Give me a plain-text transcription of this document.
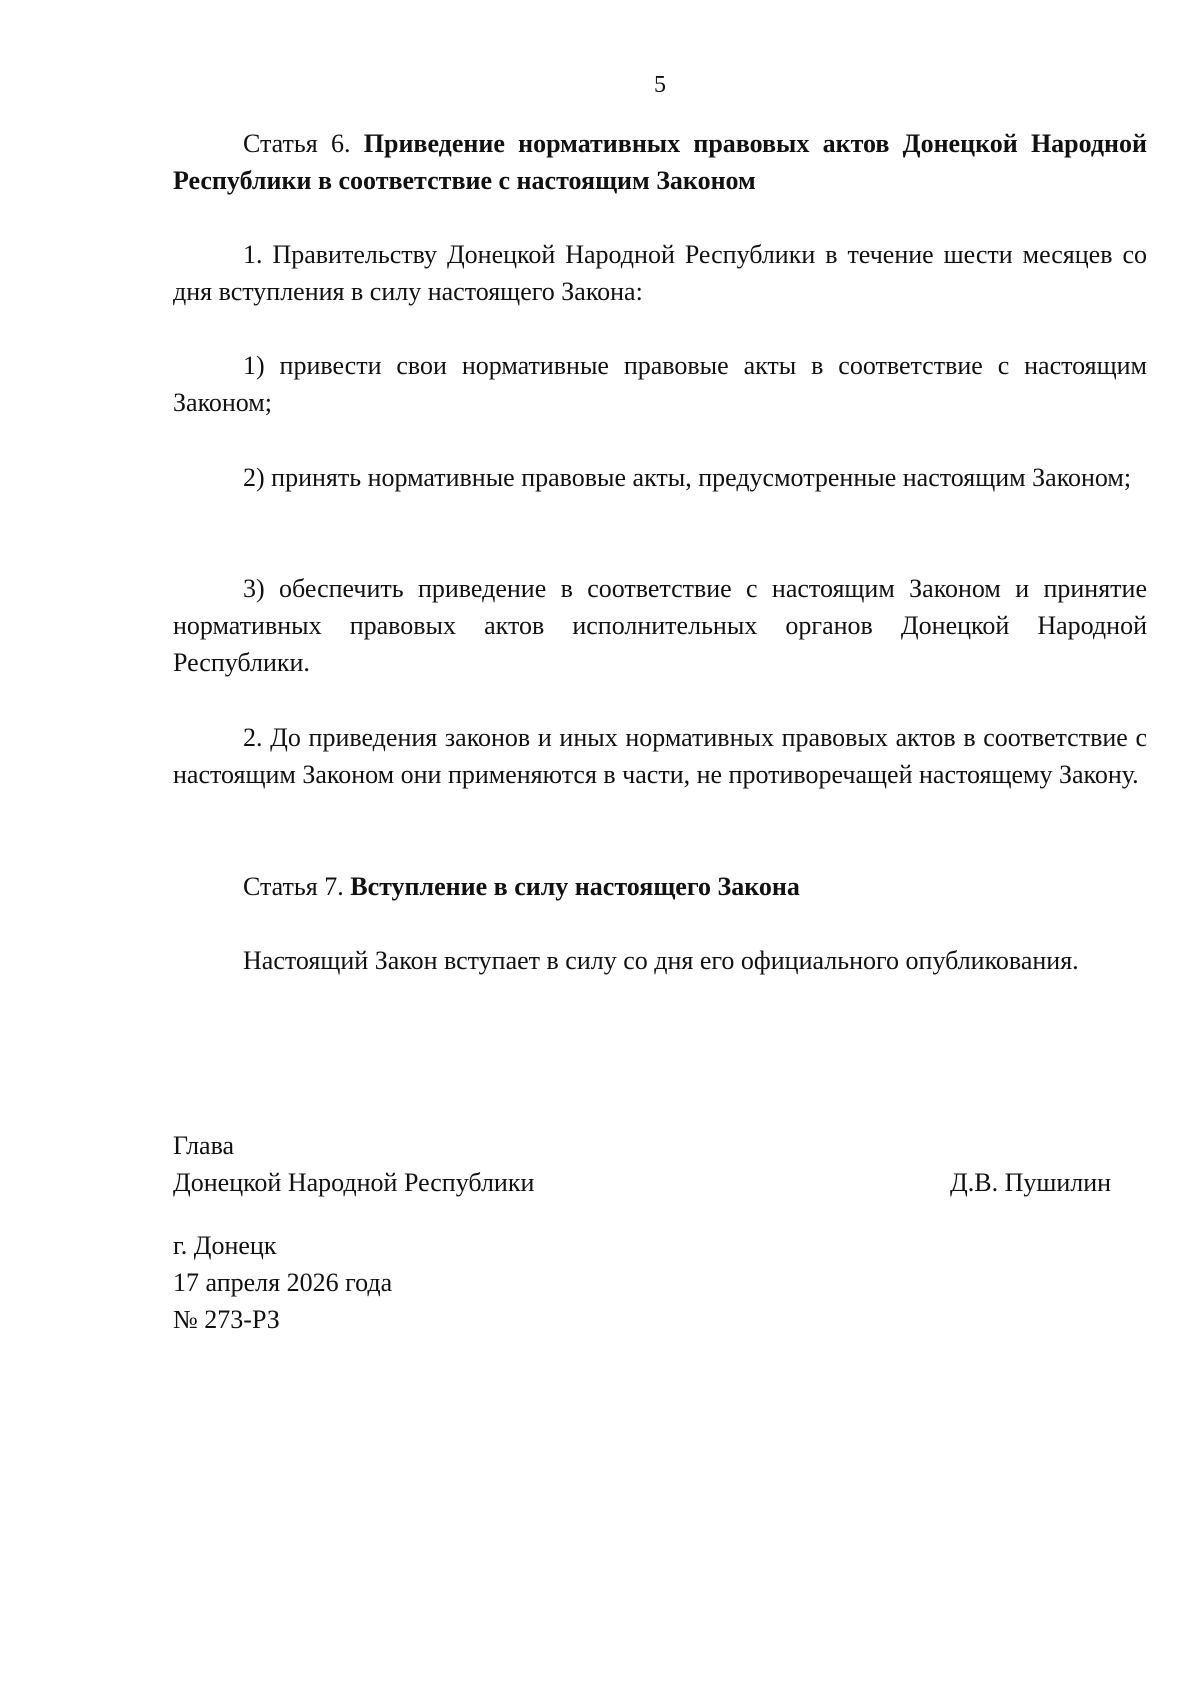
5

Статья 6. Приведение нормативных правовых актов Донецкой Народной Республики в соответствие с настоящим Законом

1. Правительству Донецкой Народной Республики в течение шести месяцев со дня вступления в силу настоящего Закона:

1) привести свои нормативные правовые акты в соответствие с настоящим Законом;

2) принять нормативные правовые акты, предусмотренные настоящим Законом;

3) обеспечить приведение в соответствие с настоящим Законом и принятие нормативных правовых актов исполнительных органов Донецкой Народной Республики.

2. До приведения законов и иных нормативных правовых актов в соответствие с настоящим Законом они применяются в части, не противоречащей настоящему Закону.

Статья 7. Вступление в силу настоящего Закона

Настоящий Закон вступает в силу со дня его официального опубликования.

Глава
Донецкой Народной Республики	Д.В. Пушилин
г. Донецк
17 апреля 2026 года
№ 273-РЗ
